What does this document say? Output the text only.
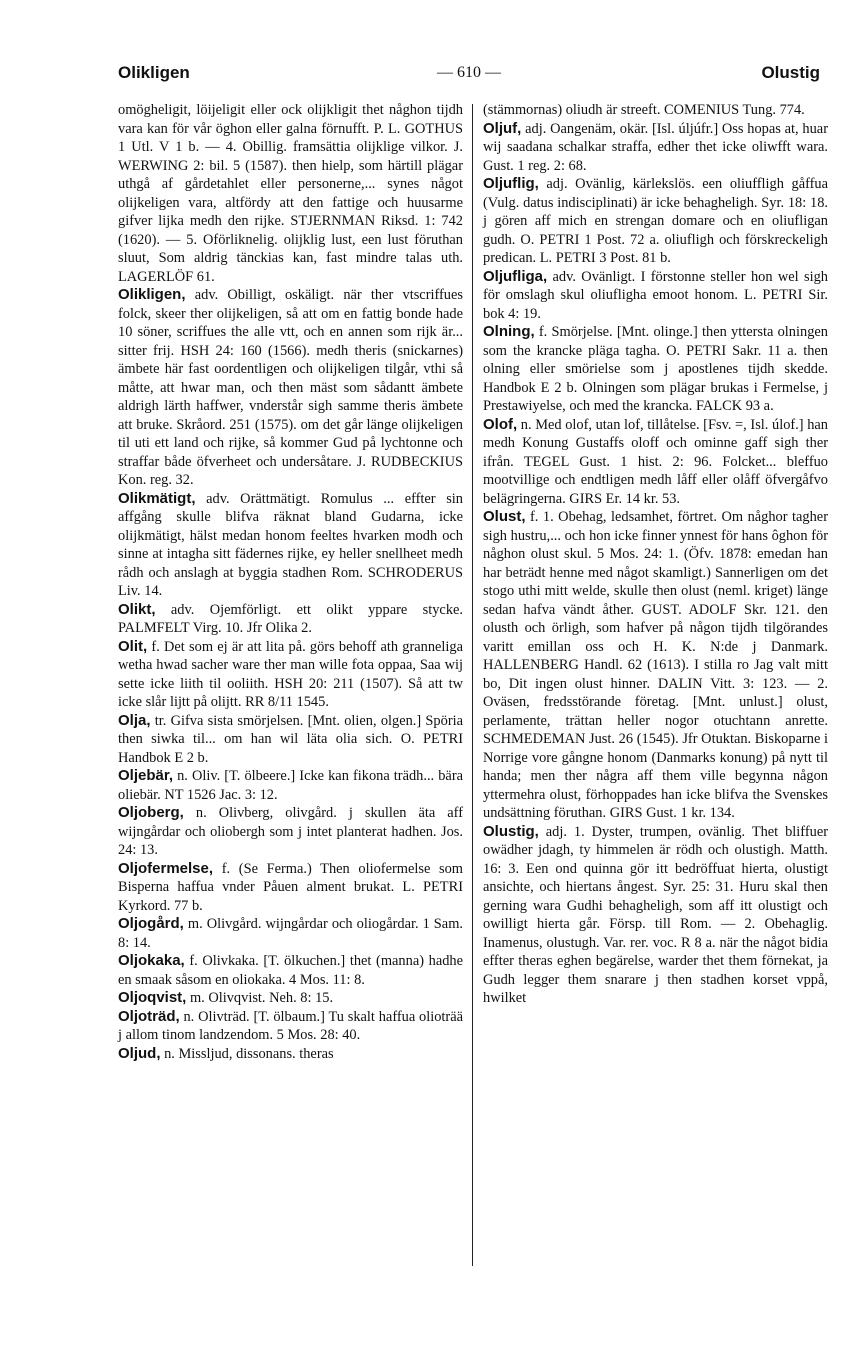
Olikligen	— 610 —	Olustig

omögheligit, löijeligit eller ock olijkligit thet någhon tijdh vara kan för vår öghon eller galna förnufft. P. L. GOTHUS 1 Utl. V 1 b. — 4. Obillig. framsättia olijklige vilkor. J. WERWING 2: bil. 5 (1587). then hielp, som härtill plägar uthgå af gårdetahlet eller personerne,... synes något olijkeligen vara, altfördy att den fattige och huusarme gifver lijka medh den rijke. STJERNMAN Riksd. 1: 742 (1620). — 5. Oförliknelig. olijklig lust, een lust föruthan sluut, Som aldrig tänckias kan, fast mindre talas uth. LAGERLÖF 61.

Olikligen, adv. Obilligt, oskäligt. när ther vtscriffues folck, skeer ther olijkeligen, så att om en fattig bonde hade 10 söner, scriffues the alle vtt, och en annen som rijk är... sitter frij. HSH 24: 160 (1566). medh theris (snickarnes) ämbete här fast oordentligen och olijkeligen tilgår, vthi så måtte, att hwar man, och then mäst som sådantt ämbete aldrigh lärth haffwer, vnderstår sigh samme theris ämbete att bruke. Skråord. 251 (1575). om det går länge olijkeligen til uti ett land och rijke, så kommer Gud på lychtonne och straffar både öfverheet och undersåtare. J. RUDBECKIUS Kon. reg. 32.

Olikmätigt, adv. Orättmätigt. Romulus ... effter sin affgång skulle blifva räknat bland Gudarna, icke olijkmätigt, hälst medan honom feeltes hvarken modh och sinne at intagha sitt fädernes rijke, ey heller snellheet medh rådh och anslagh at byggia stadhen Rom. SCHRODERUS Liv. 14.

Olikt, adv. Ojemförligt. ett olikt yppare stycke. PALMFELT Virg. 10. Jfr Olika 2.

Olit, f. Det som ej är att lita på. görs behoff ath granneliga wetha hwad sacher ware ther man wille fota oppaa, Saa wij sette icke liith til ooliith. HSH 20: 211 (1507). Så att tw icke slår lijtt på olijtt. RR 8/11 1545.

Olja, tr. Gifva sista smörjelsen. [Mnt. olien, olgen.] Spöria then siwka til... om han wil läta olia sich. O. PETRI Handbok E 2 b.

Oljebär, n. Oliv. [T. ölbeere.] Icke kan fikona trädh... bära oliebär. NT 1526 Jac. 3: 12.

Oljoberg, n. Olivberg, olivgård. j skullen äta aff wijngårdar och oliobergh som j intet planterat hadhen. Jos. 24: 13.

Oljofermelse, f. (Se Ferma.) Then oliofermelse som Bisperna haffua vnder Påuen alment brukat. L. PETRI Kyrkord. 77 b.

Oljogård, m. Olivgård. wijngårdar och oliogårdar. 1 Sam. 8: 14.

Oljokaka, f. Olivkaka. [T. ölkuchen.] thet (manna) hadhe en smaak såsom en oliokaka. 4 Mos. 11: 8.

Oljoqvist, m. Olivqvist. Neh. 8: 15.

Oljoträd, n. Olivträd. [T. ölbaum.] Tu skalt haffua olioträä j allom tinom landzendom. 5 Mos. 28: 40.

Oljud, n. Missljud, dissonans. theras

(stämmornas) oliudh är streeft. COMENIUS Tung. 774.

Oljuf, adj. Oangenäm, okär. [Isl. úljúfr.] Oss hopas at, huar wij saadana schalkar straffa, edher thet icke oliwfft wara. Gust. 1 reg. 2: 68.

Oljuflig, adj. Ovänlig, kärlekslös. een oliuffligh gåffua (Vulg. datus indisciplinati) är icke behagheligh. Syr. 18: 18. j gören aff mich en strengan domare och en oliufligan gudh. O. PETRI 1 Post. 72 a. oliufligh och förskreckeligh predican. L. PETRI 3 Post. 81 b.

Oljufliga, adv. Ovänligt. I förstonne steller hon wel sigh för omslagh skul oliufligha emoot honom. L. PETRI Sir. bok 4: 19.

Olning, f. Smörjelse. [Mnt. olinge.] then yttersta olningen som the krancke pläga tagha. O. PETRI Sakr. 11 a. then olning eller smörielse som j apostlenes tijdh skedde. Handbok E 2 b. Olningen som plägar brukas i Fermelse, j Prestawiyelse, och med the krancka. FALCK 93 a.

Olof, n. Med olof, utan lof, tillåtelse. [Fsv. =, Isl. úlof.] han medh Konung Gustaffs oloff och ominne gaff sigh ther ifrån. TEGEL Gust. 1 hist. 2: 96. Folcket... bleffuo mootvillige och endtligen medh låff eller olåff öfvergåfvo belägringerna. GIRS Er. 14 kr. 53.

Olust, f. 1. Obehag, ledsamhet, förtret. Om någhor tagher sigh hustru,... och hon icke finner ynnest för hans ôghon för någhon olust skul. 5 Mos. 24: 1. (Öfv. 1878: emedan han har beträdt henne med något skamligt.) Sannerligen om det stogo uthi mitt welde, skulle then olust (neml. kriget) länge sedan hafva vändt åther. GUST. ADOLF Skr. 121. den olusth och örligh, som hafver på någon tijdh tilgörandes varitt emillan oss och H. K. N:de j Danmark. HALLENBERG Handl. 62 (1613). I stilla ro Jag valt mitt bo, Dit ingen olust hinner. DALIN Vitt. 3: 123. — 2. Oväsen, fredsstörande företag. [Mnt. unlust.] olust, perlamente, trättan heller nogor otuchtann anrette. SCHMEDEMAN Just. 26 (1545). Jfr Otuktan. Biskoparne i Norrige vore gångne honom (Danmarks konung) på nytt til handa; men ther några aff them ville begynna någon yttermehra olust, förhoppades han icke blifva the Svenskes undsättning föruthan. GIRS Gust. 1 kr. 134.

Olustig, adj. 1. Dyster, trumpen, ovänlig. Thet bliffuer owädher jdagh, ty himmelen är rödh och olustigh. Matth. 16: 3. Een ond quinna gör itt bedröffuat hierta, olustigt ansichte, och hiertans ångest. Syr. 25: 31. Huru skal then gerning wara Gudhi behagheligh, som aff itt olustigt och owilligt hierta går. Försp. till Rom. — 2. Obehaglig. Inamenus, olustugh. Var. rer. voc. R 8 a. när the något bidia effter theras eghen begärelse, warder thet them förnekat, ja Gudh legger them snarare j then stadhen korset vppå, hwilket
